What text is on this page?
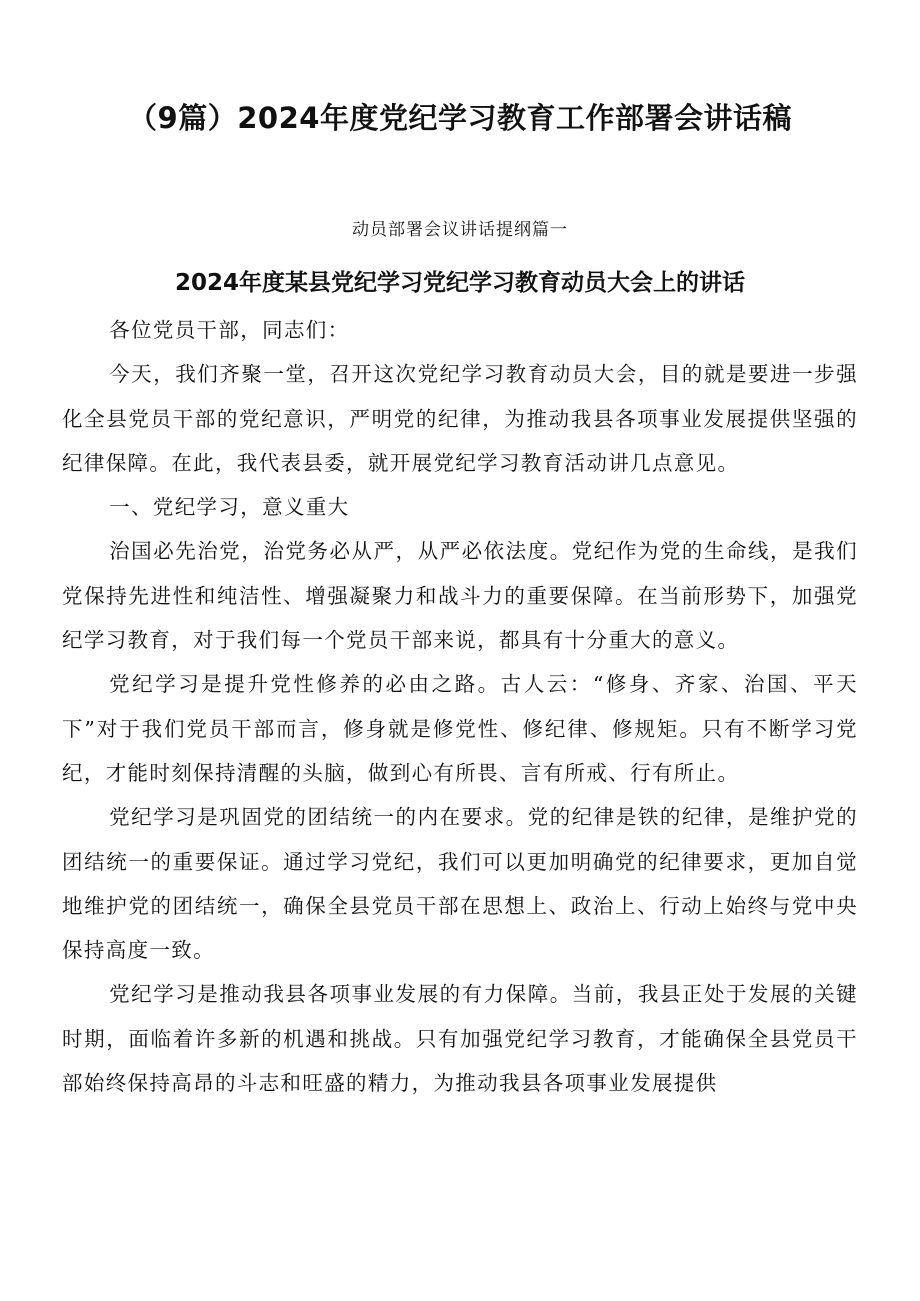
（9篇）2024年度党纪学习教育工作部署会讲话稿
动员部署会议讲话提纲篇一
2024年度某县党纪学习党纪学习教育动员大会上的讲话

各位党员干部，同志们：

今天，我们齐聚一堂，召开这次党纪学习教育动员大会，目的就是要进一步强化全县党员干部的党纪意识，严明党的纪律，为推动我县各项事业发展提供坚强的纪律保障。在此，我代表县委，就开展党纪学习教育活动讲几点意见。

一、党纪学习，意义重大

治国必先治党，治党务必从严，从严必依法度。党纪作为党的生命线，是我们党保持先进性和纯洁性、增强凝聚力和战斗力的重要保障。在当前形势下，加强党纪学习教育，对于我们每一个党员干部来说，都具有十分重大的意义。

党纪学习是提升党性修养的必由之路。古人云：“修身、齐家、治国、平天下”对于我们党员干部而言，修身就是修党性、修纪律、修规矩。只有不断学习党纪，才能时刻保持清醒的头脑，做到心有所畏、言有所戒、行有所止。

党纪学习是巩固党的团结统一的内在要求。党的纪律是铁的纪律，是维护党的团结统一的重要保证。通过学习党纪，我们可以更加明确党的纪律要求，更加自觉地维护党的团结统一，确保全县党员干部在思想上、政治上、行动上始终与党中央保持高度一致。

党纪学习是推动我县各项事业发展的有力保障。当前，我县正处于发展的关键时期，面临着许多新的机遇和挑战。只有加强党纪学习教育，才能确保全县党员干部始终保持高昂的斗志和旺盛的精力，为推动我县各项事业发展提供
